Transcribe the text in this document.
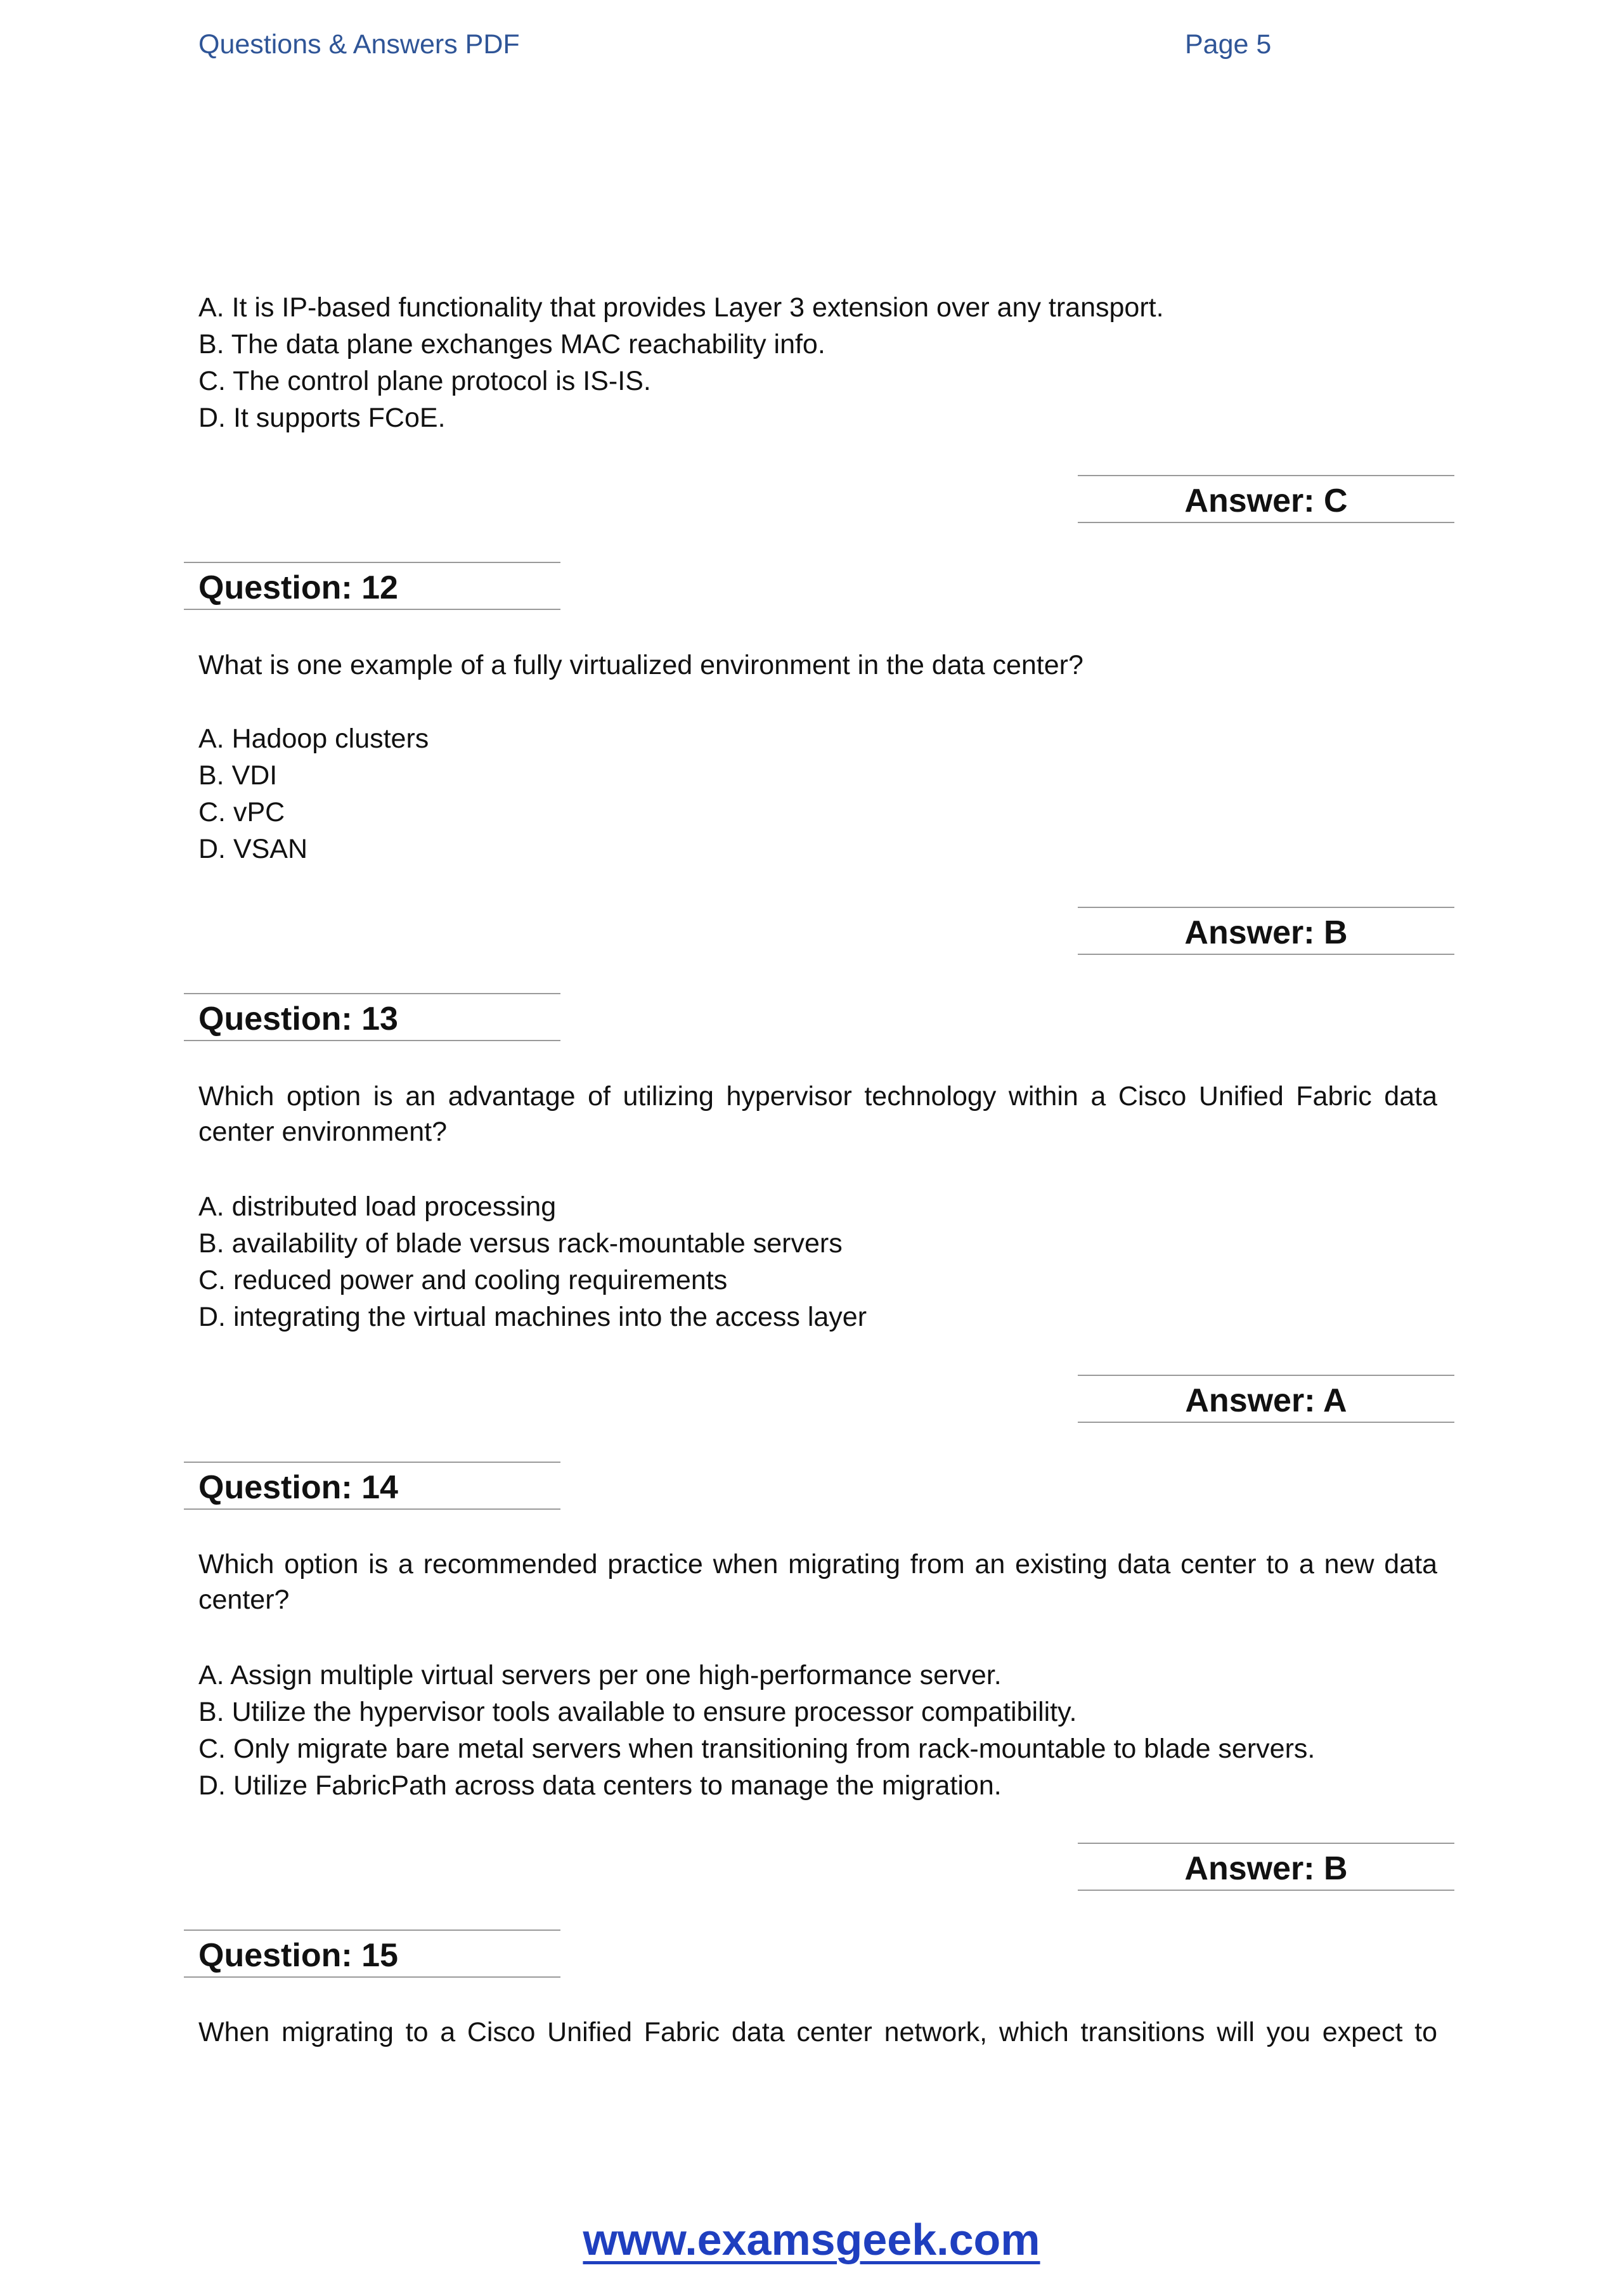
Questions & Answers PDF	Page 5
A. It is IP-based functionality that provides Layer 3 extension over any transport.
B. The data plane exchanges MAC reachability info.
C. The control plane protocol is IS-IS.
D. It supports FCoE.
Answer: C
Question: 12
What is one example of a fully virtualized environment in the data center?
A. Hadoop clusters
B. VDI
C. vPC
D. VSAN
Answer: B
Question: 13
Which option is an advantage of utilizing hypervisor technology within a Cisco Unified Fabric data
center environment?
A. distributed load processing
B. availability of blade versus rack-mountable servers
C. reduced power and cooling requirements
D. integrating the virtual machines into the access layer
Answer: A
Question: 14
Which option is a recommended practice when migrating from an existing data center to a new data
center?
A. Assign multiple virtual servers per one high-performance server.
B. Utilize the hypervisor tools available to ensure processor compatibility.
C. Only migrate bare metal servers when transitioning from rack-mountable to blade servers.
D. Utilize FabricPath across data centers to manage the migration.
Answer: B
Question: 15
When migrating to a Cisco Unified Fabric data center network, which transitions will you expect to
www.examsgeek.com
